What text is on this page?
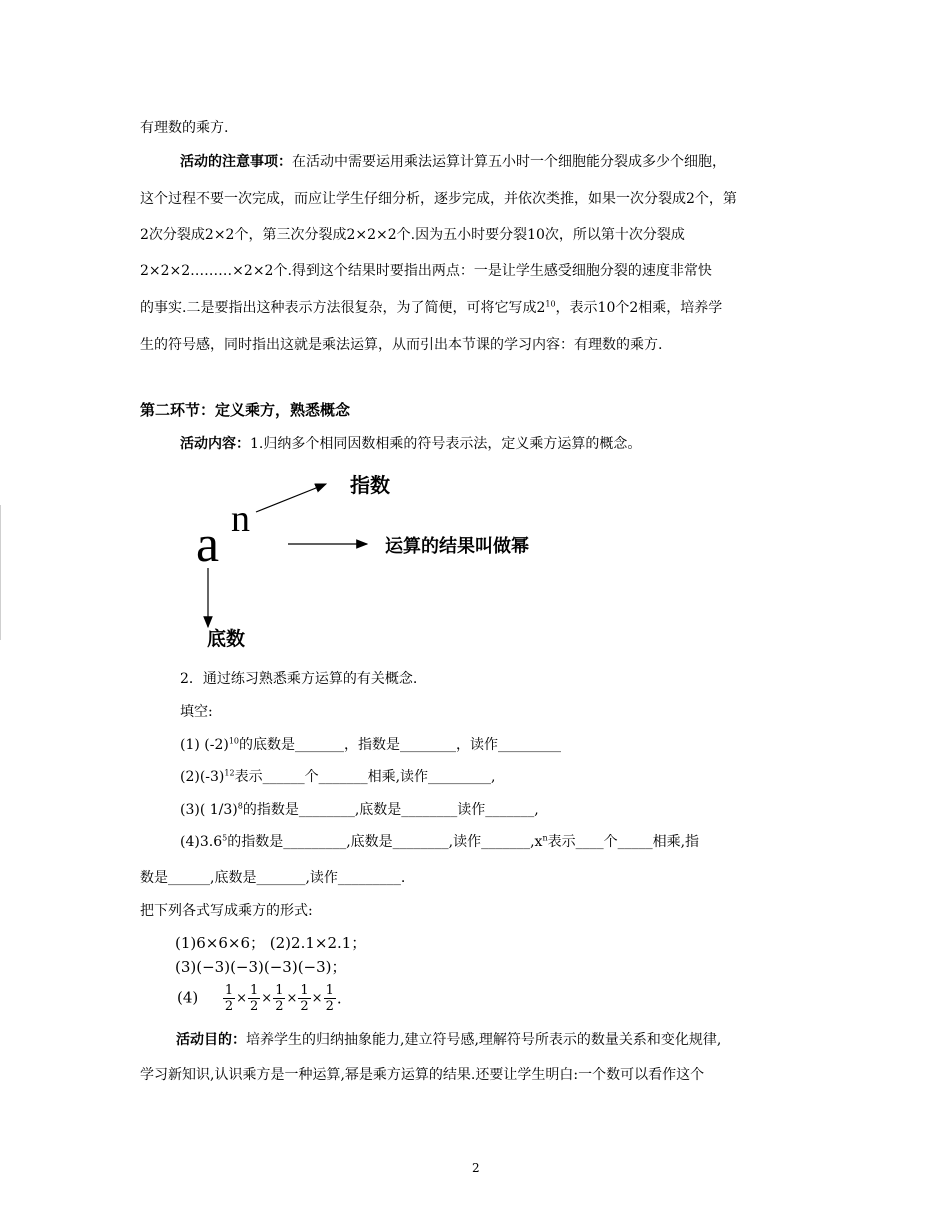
有理数的乘方.
活动的注意事项：在活动中需要运用乘法运算计算五小时一个细胞能分裂成多少个细胞，
这个过程不要一次完成，而应让学生仔细分析，逐步完成，并依次类推，如果一次分裂成2个，第
2次分裂成2×2个，第三次分裂成2×2×2个.因为五小时要分裂10次，所以第十次分裂成
2×2×2………×2×2个.得到这个结果时要指出两点：一是让学生感受细胞分裂的速度非常快
的事实.二是要指出这种表示方法很复杂，为了简便，可将它写成$2^{10}$，表示10个2相乘，培养学
生的符号感，同时指出这就是乘法运算，从而引出本节课的学习内容：有理数的乘方.
第二环节：定义乘方，熟悉概念
活动内容：1.归纳多个相同因数相乘的符号表示法，定义乘方运算的概念。
a n
指数
运算的结果叫做幂
底数
2．通过练习熟悉乘方运算的有关概念.
填空:
(1) $(-2)^{10}$的底数是_______，指数是________，读作_________
$(2)(-3)^{12}$表示______个_______相乘,读作_________,
(3)( 1/3)$^8$的指数是________,底数是________读作_______,
$(4)3.6^5$的指数是_________,底数是________,读作$\_\_\_\_\_\_\_,x^n$表示____个_____相乘,指
数是______,底数是_______,读作_________.
把下列各式写成乘方的形式:
(1)6×6×6； (2)2.1×2.1；
(3)(−3)(−3)(−3)(−3)；
$(4) \frac{1}{2} \times \frac{1}{2} \times \frac{1}{2} \times \frac{1}{2} \times \frac{1}{2}$ .
活动目的：培养学生的归纳抽象能力,建立符号感,理解符号所表示的数量关系和变化规律,
学习新知识,认识乘方是一种运算,幂是乘方运算的结果.还要让学生明白:一个数可以看作这个
2
